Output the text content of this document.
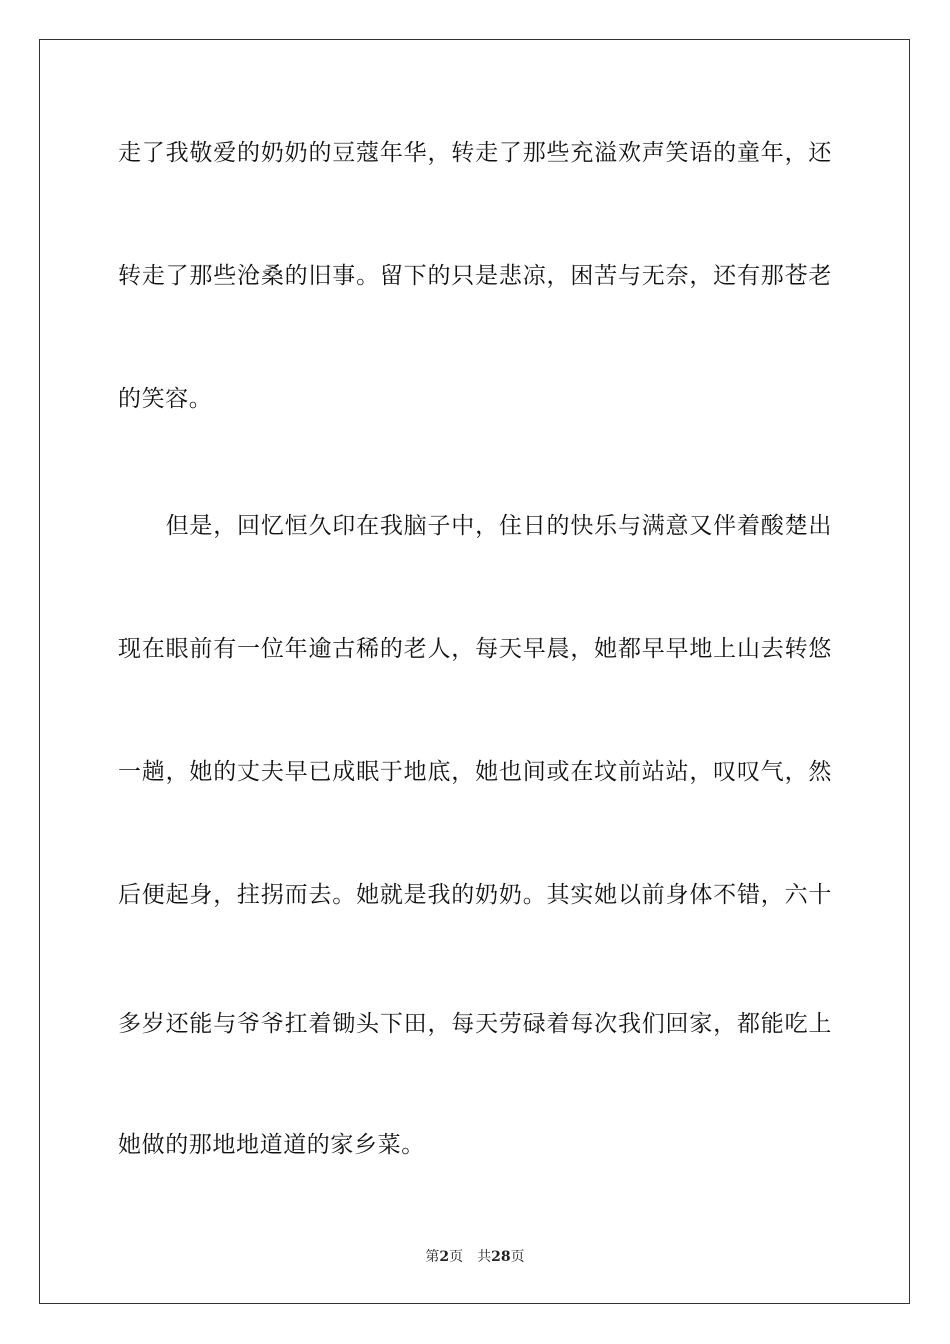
走了我敬爱的奶奶的豆蔻年华，转走了那些充溢欢声笑语的童年，还
转走了那些沧桑的旧事。留下的只是悲凉，困苦与无奈，还有那苍老
的笑容。
　　但是，回忆恒久印在我脑子中，住日的快乐与满意又伴着酸楚出
现在眼前有一位年逾古稀的老人，每天早晨，她都早早地上山去转悠
一趟，她的丈夫早已成眠于地底，她也间或在坟前站站，叹叹气，然
后便起身，拄拐而去。她就是我的奶奶。其实她以前身体不错，六十
多岁还能与爷爷扛着锄头下田，每天劳碌着每次我们回家，都能吃上
她做的那地地道道的家乡菜。
第2页 共28页
